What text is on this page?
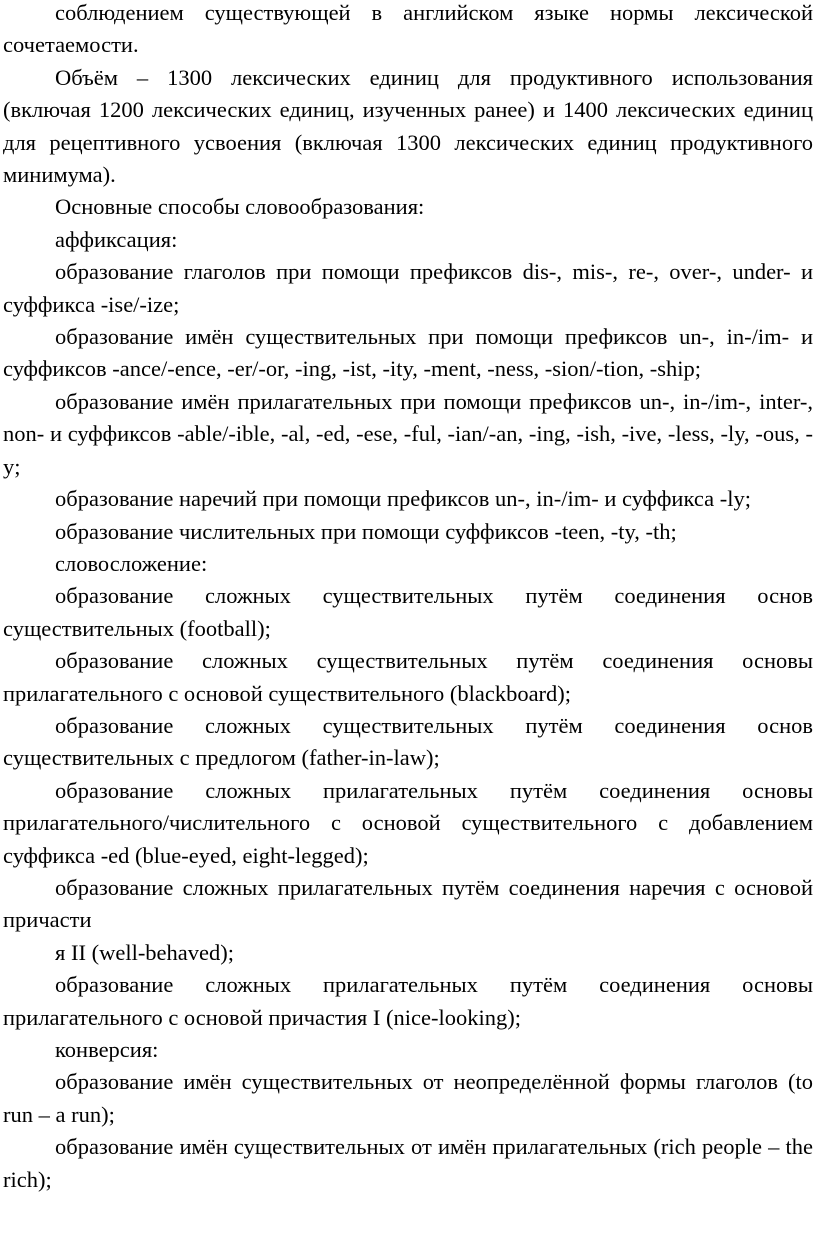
соблюдением существующей в английском языке нормы лексической сочетаемости.

Объём – 1300 лексических единиц для продуктивного использования (включая 1200 лексических единиц, изученных ранее) и 1400 лексических единиц для рецептивного усвоения (включая 1300 лексических единиц продуктивного минимума).

Основные способы словообразования:

аффиксация:

образование глаголов при помощи префиксов dis-, mis-, re-, over-, under- и суффикса -ise/-ize;

образование имён существительных при помощи префиксов un-, in-/im- и суффиксов -ance/-ence, -er/-or, -ing, -ist, -ity, -ment, -ness, -sion/-tion, -ship;

образование имён прилагательных при помощи префиксов un-, in-/im-, inter-, non- и суффиксов -able/-ible, -al, -ed, -ese, -ful, -ian/-an, -ing, -ish, -ive, -less, -ly, -ous, -y;

образование наречий при помощи префиксов un-, in-/im- и суффикса -ly;

образование числительных при помощи суффиксов -teen, -ty, -th;

словосложение:

образование сложных существительных путём соединения основ существительных (football);

образование сложных существительных путём соединения основы прилагательного с основой существительного (blackboard);

образование сложных существительных путём соединения основ существительных с предлогом (father-in-law);

образование сложных прилагательных путём соединения основы прилагательного/числительного с основой существительного с добавлением суффикса -ed (blue-eyed, eight-legged);

образование сложных прилагательных путём соединения наречия с основой причасти

я II (well-behaved);

образование сложных прилагательных путём соединения основы прилагательного с основой причастия I (nice-looking);

конверсия:

образование имён существительных от неопределённой формы глаголов (to run – a run);

образование имён существительных от имён прилагательных (rich people – the rich);
